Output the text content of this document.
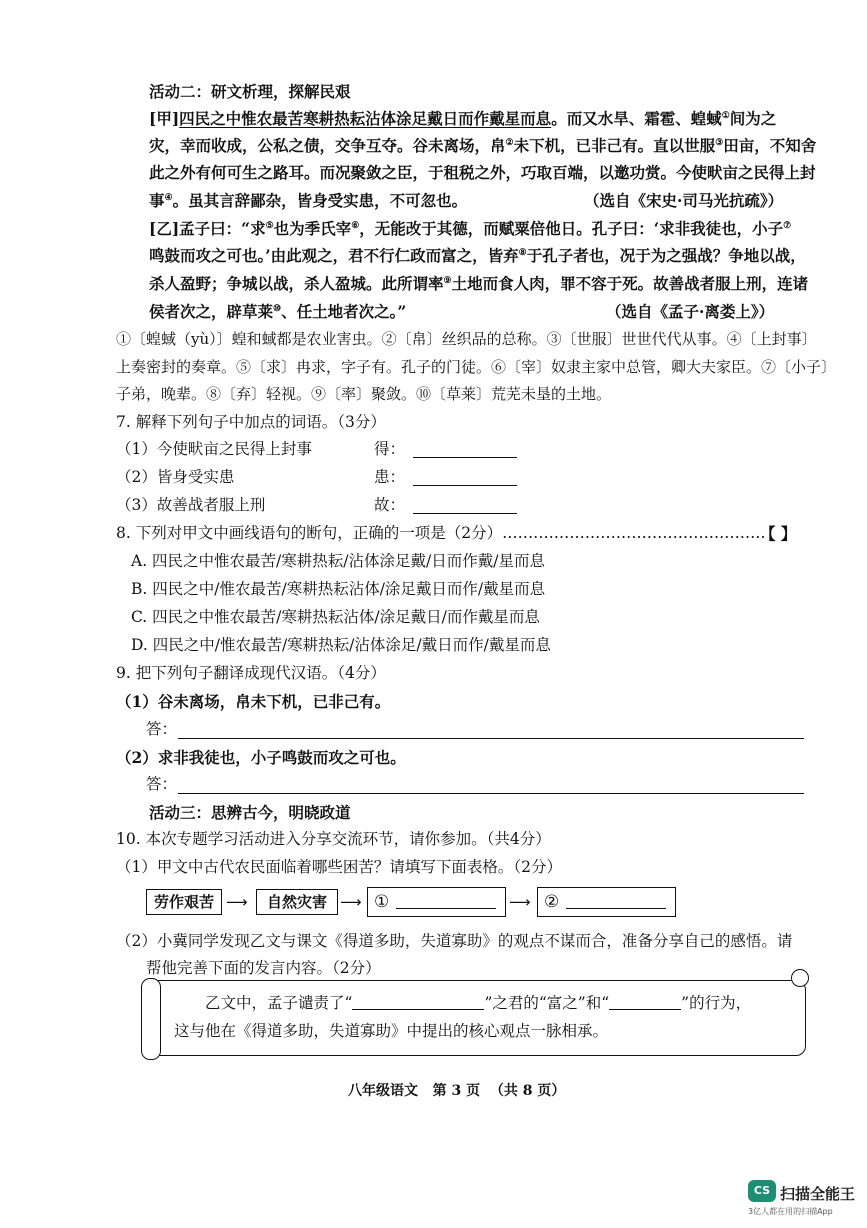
活动二：研文析理，探解民艰
[甲]四民之中惟农最苦寒耕热耘沾体涂足戴日而作戴星而息。而又水旱、霜雹、蝗蜮①间为之
灾，幸而收成，公私之债，交争互夺。谷未离场，帛②未下机，已非己有。直以世服③田亩，不知舍
此之外有何可生之路耳。而况聚敛之臣，于租税之外，巧取百端，以邀功赏。今使畎亩之民得上封
事④。虽其言辞鄙杂，皆身受实患，不可忽也。	（选自《宋史·司马光抗疏》）
[乙]孟子曰：“求⑤也为季氏宰⑥，无能改于其德，而赋粟倍他日。孔子曰：‘求非我徒也，小子⑦
鸣鼓而攻之可也。’由此观之，君不行仁政而富之，皆弃⑧于孔子者也，况于为之强战？争地以战，
杀人盈野；争城以战，杀人盈城。此所谓率⑨土地而食人肉，罪不容于死。故善战者服上刑，连诸
侯者次之，辟草莱⑩、任土地者次之。”	（选自《孟子·离娄上》）
①〔蝗蜮（yù）〕蝗和蜮都是农业害虫。②〔帛〕丝织品的总称。③〔世服〕世世代代从事。④〔上封事〕
上奏密封的奏章。⑤〔求〕冉求，字子有。孔子的门徒。⑥〔宰〕奴隶主家中总管，卿大夫家臣。⑦〔小子〕
子弟，晚辈。⑧〔弃〕轻视。⑨〔率〕聚敛。⑩〔草莱〕荒芜未垦的土地。
7. 解释下列句子中加点的词语。（3分）
（1）今使畎亩之民得上封事	得：
（2）皆身受实患	患：
（3）故善战者服上刑	故：
8. 下列对甲文中画线语句的断句，正确的一项是（2分）……………………………………………
【 】
A. 四民之中惟农最苦/寒耕热耘/沾体涂足戴/日而作戴/星而息
B. 四民之中/惟农最苦/寒耕热耘沾体/涂足戴日而作/戴星而息
C. 四民之中惟农最苦/寒耕热耘沾体/涂足戴日/而作戴星而息
D. 四民之中/惟农最苦/寒耕热耘/沾体涂足/戴日而作/戴星而息
9. 把下列句子翻译成现代汉语。（4分）
（1）谷未离场，帛未下机，已非己有。
答：
（2）求非我徒也，小子鸣鼓而攻之可也。
答：
活动三：思辨古今，明晓政道
10. 本次专题学习活动进入分享交流环节，请你参加。（共4分）
（1）甲文中古代农民面临着哪些困苦？请填写下面表格。（2分）
劳作艰苦 ⟶	自然灾害 ⟶ ①	⟶ ②
（2）小冀同学发现乙文与课文《得道多助，失道寡助》的观点不谋而合，准备分享自己的感悟。请
帮他完善下面的发言内容。（2分）
乙文中，孟子谴责了“	”之君的“富之”和“	”的行为，
这与他在《得道多助，失道寡助》中提出的核心观点一脉相承。
八年级语文   第 3 页  （共 8 页）
CS 扫描全能王
3亿人都在用的扫描App
